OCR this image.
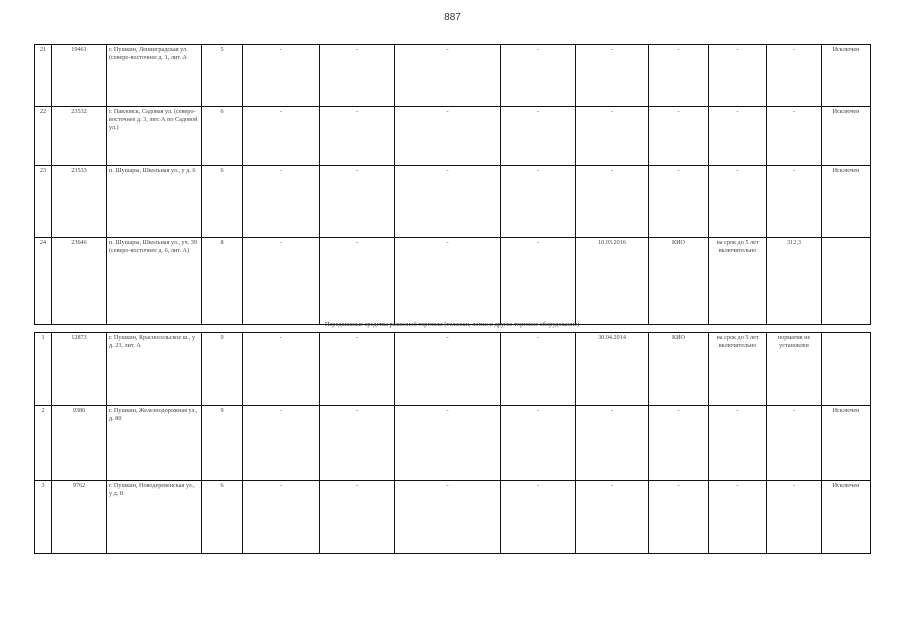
887
21	19461	г. Пушкин, Ленинградская ул. (северо-восточнее д. 1, лит. А	5	-	-	-	-	-	-	-	-	Исключен
22	23532	г. Павловск, Садовая ул. (северо-восточнее д. 3, лит. А по Садовой ул.)	6	-	-	-	-	-	-	-	-	Исключен
23	23533	п. Шушары, Школьная ул., у д. 6	6	-	-	-	-	-	-	-	-	Исключен
24	23646	п. Шушары, Школьная ул., уч. 39 (северо-восточнее д. 6, лит. А)	8	-	-	-	-	10.03.2016	КИО	на срок до 5 лет включительно	312,3	
Передвижные средства развозной торговли (тележки, лотки и другое торговое оборудование)
1	12873	г. Пушкин, Красносельское ш., у д. 23, лит. А	9	-	-	-	-	30.04.2014	КИО	на срок до 5 лет включительно	норматив не установлен	
2	9386	г. Пушкин, Железнодорожная ул., д. 80	9	-	-	-	-	-	-	-	-	Исключен
3	9762	г. Пушкин, Новодеревенская ул., у д. 8	6	-	-	-	-	-	-	-	-	Исключен
